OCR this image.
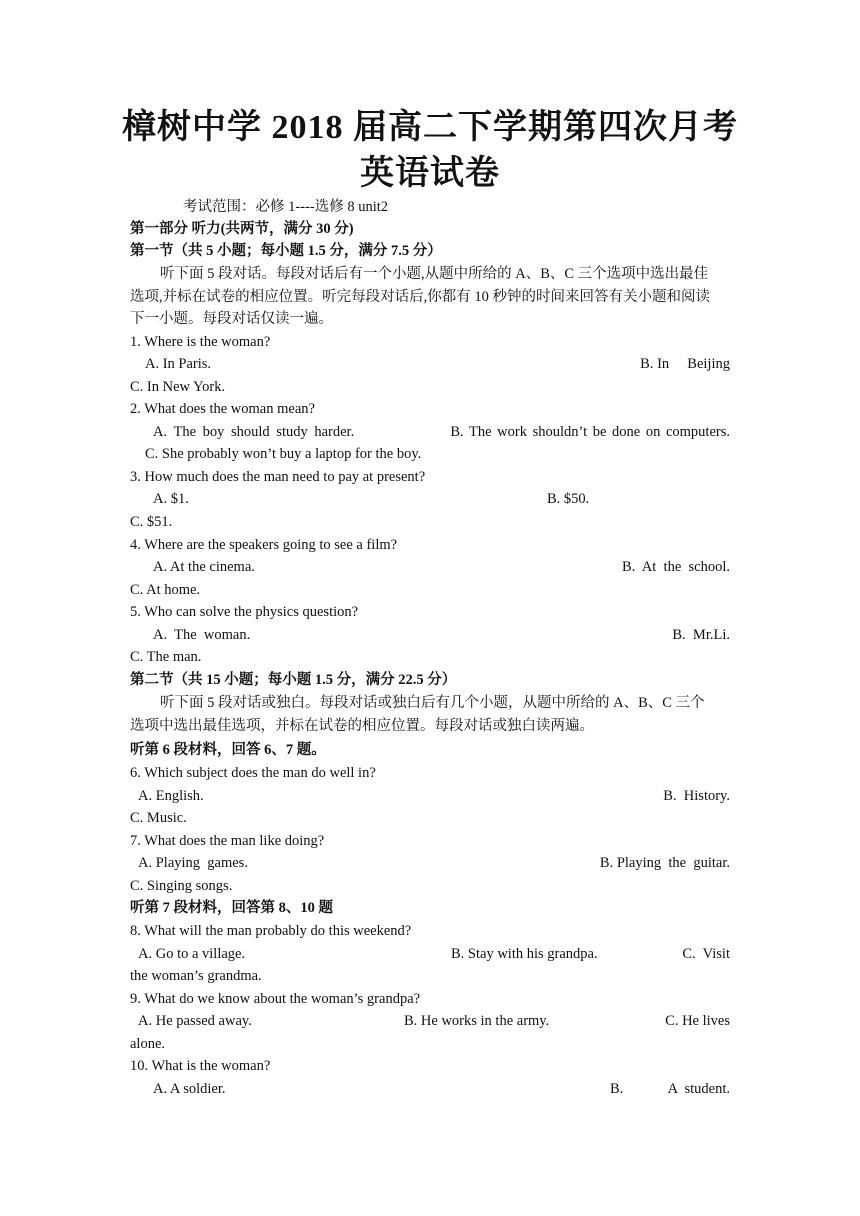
樟树中学 2018 届高二下学期第四次月考
英语试卷
考试范围：必修 1----选修 8 unit2
第一部分 听力(共两节，满分 30 分)
第一节（共 5 小题；每小题 1.5 分，满分 7.5 分）
听下面 5 段对话。每段对话后有一个小题,从题中所给的 A、B、C 三个选项中选出最佳
选项,并标在试卷的相应位置。听完每段对话后,你都有 10 秒钟的时间来回答有关小题和阅读
下一小题。每段对话仅读一遍。
1. Where is the woman?
A. In Paris.	B. In     Beijing
C. In New York.
2. What does the woman mean?
A. The boy should study harder.	B. The work shouldn’t be done on computers.
C. She probably won’t buy a laptop for the boy.
3. How much does the man need to pay at present?
A. $1.	B. $50.
C. $51.
4. Where are the speakers going to see a film?
A. At the cinema.	B.  At  the  school.
C. At home.
5. Who can solve the physics question?
A.  The  woman.	B.  Mr.Li.
C. The man.
第二节（共 15 小题；每小题 1.5 分，满分 22.5 分）
听下面 5 段对话或独白。每段对话或独白后有几个小题，从题中所给的 A、B、C 三个
选项中选出最佳选项，并标在试卷的相应位置。每段对话或独白读两遍。
听第 6 段材料，回答 6、7 题。
6. Which subject does the man do well in?
A. English.	B.  History.
C. Music.
7. What does the man like doing?
A. Playing  games.	B. Playing  the  guitar.
C. Singing songs.
听第 7 段材料，回答第 8、10 题
8. What will the man probably do this weekend?
A. Go to a village.	B. Stay with his grandpa.	C.  Visit
the woman’s grandma.
9. What do we know about the woman’s grandpa?
A. He passed away.	B. He works in the army.	C. He lives
alone.
10. What is the woman?
A. A soldier.	B.	A  student.
